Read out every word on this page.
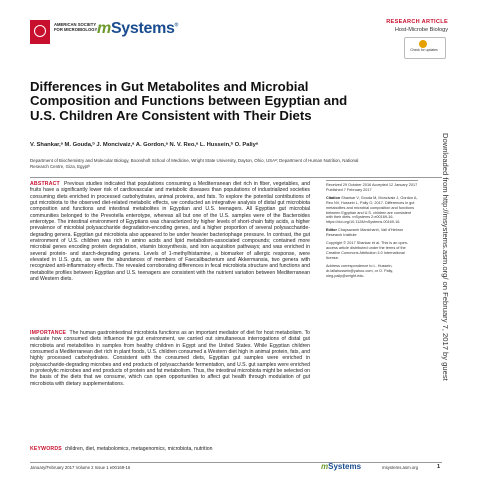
AMERICAN SOCIETY FOR MICROBIOLOGY mSystems®
RESEARCH ARTICLE
Host-Microbe Biology
Check for updates
Differences in Gut Metabolites and Microbial Composition and Functions between Egyptian and U.S. Children Are Consistent with Their Diets
V. Shankar,ᵃ M. Gouda,ᵇ J. Moncivaiz,ᵃ A. Gordon,ᵃ N. V. Reo,ᵃ L. Hussein,ᵇ O. Paliyᵃ
Department of Biochemistry and Molecular Biology, Boonshoft School of Medicine, Wright State University, Dayton, Ohio, USAᵃ; Department of Human Nutrition, National Research Centre, Giza, Egyptᵇ
ABSTRACT Previous studies indicated that populations consuming a Mediterranean diet rich in fiber, vegetables, and fruits have a significantly lower risk of cardiovascular and metabolic diseases than populations of industrialized societies consuming diets enriched in processed carbohydrates, animal proteins, and fats. To explore the potential contributions of gut microbiota to the observed diet-related metabolic effects, we conducted an integrative analysis of distal gut microbiota composition and functions and intestinal metabolites in Egyptian and U.S. teenagers. All Egyptian gut microbial communities belonged to the Prevotella enterotype, whereas all but one of the U.S. samples were of the Bacteroides enterotype. The intestinal environment of Egyptians was characterized by higher levels of short-chain fatty acids, a higher prevalence of microbial polysaccharide degradation-encoding genes, and a higher proportion of several polysaccharide-degrading genera. Egyptian gut microbiota also appeared to be under heavier bacteriophage pressure. In contrast, the gut environment of U.S. children was rich in amino acids and lipid metabolism-associated compounds; contained more microbial genes encoding protein degradation, vitamin biosynthesis, and iron acquisition pathways; and was enriched in several protein- and starch-degrading genera. Levels of 1-methylhistamine, a biomarker of allergic response, were elevated in U.S. guts, as were the abundances of members of Faecalibacterium and Akkermansia, two genera with recognized anti-inflammatory effects. The revealed corroborating differences in fecal microbiota structure and functions and metabolite profiles between Egyptian and U.S. teenagers are consistent with the nutrient variation between Mediterranean and Western diets.
IMPORTANCE The human gastrointestinal microbiota functions as an important mediator of diet for host metabolism. To evaluate how consumed diets influence the gut environment, we carried out simultaneous interrogations of distal gut microbiota and metabolites in samples from healthy children in Egypt and the United States. While Egyptian children consumed a Mediterranean diet rich in plant foods, U.S. children consumed a Western diet high in animal protein, fats, and highly processed carbohydrates. Consistent with the consumed diets, Egyptian gut samples were enriched in polysaccharide-degrading microbes and end products of polysaccharide fermentation, and U.S. gut samples were enriched in proteolytic microbes and end products of protein and fat metabolism. Thus, the intestinal microbiota might be selected on the basis of the diets that we consume, which can open opportunities to affect gut health through modulation of gut microbiota with dietary supplementations.
KEYWORDS children, diet, metabolomics, metagenomics, microbiota, nutrition
Received 29 October 2016 Accepted 12 January 2017 Published 7 February 2017
Citation Shankar V, Gouda M, Moncivaiz J, Gordon A, Reo NV, Hussein L, Paliy O. 2017. Differences in gut metabolites and microbial composition and functions between Egyptian and U.S. children are consistent with their diets. mSystems 2:e00169-16. https://doi.org/10.1128/mSystems.00169-16.
Editor Chaysavanh Manichanh, Vall d'Hebron Research Institute
Copyright © 2017 Shankar et al. This is an open-access article distributed under the terms of the Creative Commons Attribution 4.0 International license.
Address correspondence to L. Hussein, dr.lailahussein@yahoo.com, or O. Paliy, oleg.paliy@wright.edu.	Downloaded from http://msystems.asm.org/ on February 7, 2017 by guest
January/February 2017 Volume 2 Issue 1 e00169-16	mSystems	msystems.asm.org	1
